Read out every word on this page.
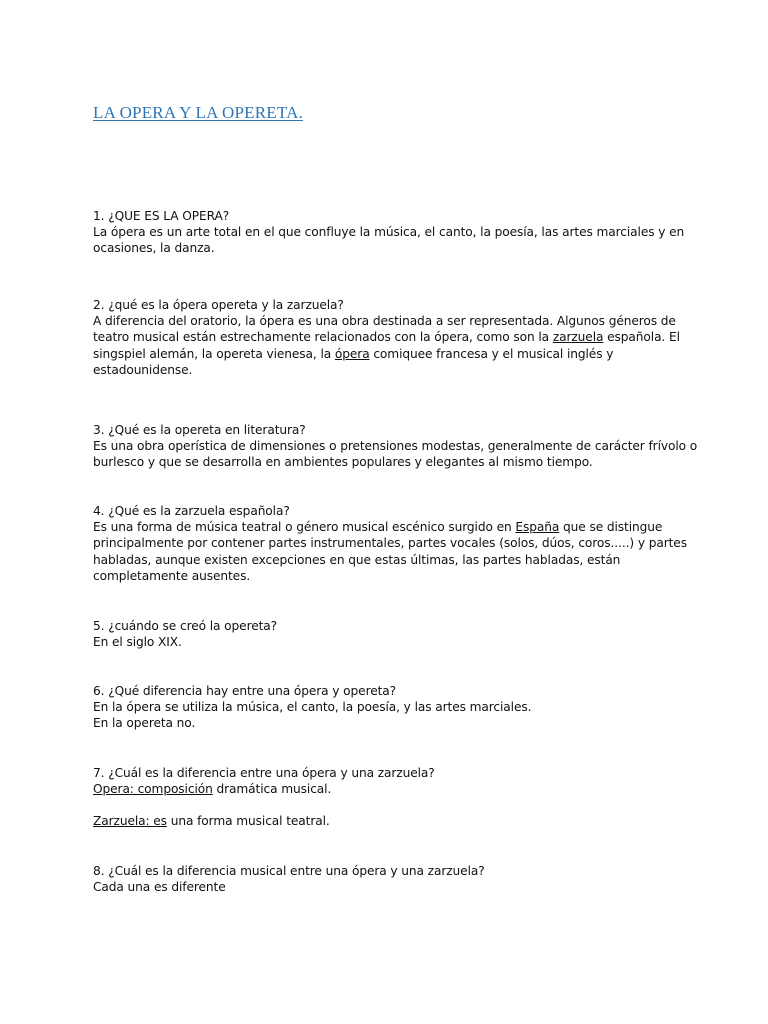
LA OPERA Y LA OPERETA.
1. ¿QUE ES LA OPERA?
La ópera es un arte total en el que confluye la música, el canto, la poesía, las artes marciales y en
ocasiones, la danza.
2. ¿qué es la ópera opereta y la zarzuela?
A diferencia del oratorio, la ópera es una obra destinada a ser representada. Algunos géneros de
teatro musical están estrechamente relacionados con la ópera, como son la zarzuela española. El
singspiel alemán, la opereta vienesa, la ópera comiquee francesa y el musical inglés y
estadounidense.
3. ¿Qué es la opereta en literatura?
Es una obra operística de dimensiones o pretensiones modestas, generalmente de carácter frívolo o
burlesco y que se desarrolla en ambientes populares y elegantes al mismo tiempo.
4. ¿Qué es la zarzuela española?
Es una forma de música teatral o género musical escénico surgido en España que se distingue
principalmente por contener partes instrumentales, partes vocales (solos, dúos, coros.....) y partes
habladas, aunque existen excepciones en que estas últimas, las partes habladas, están
completamente ausentes.
5. ¿cuándo se creó la opereta?
En el siglo XIX.
6. ¿Qué diferencia hay entre una ópera y opereta?
En la ópera se utiliza la música, el canto, la poesía, y las artes marciales.
En la opereta no.
7. ¿Cuál es la diferencia entre una ópera y una zarzuela?
Opera: composición dramática musical.
Zarzuela: es una forma musical teatral.
8. ¿Cuál es la diferencia musical entre una ópera y una zarzuela?
Cada una es diferente
